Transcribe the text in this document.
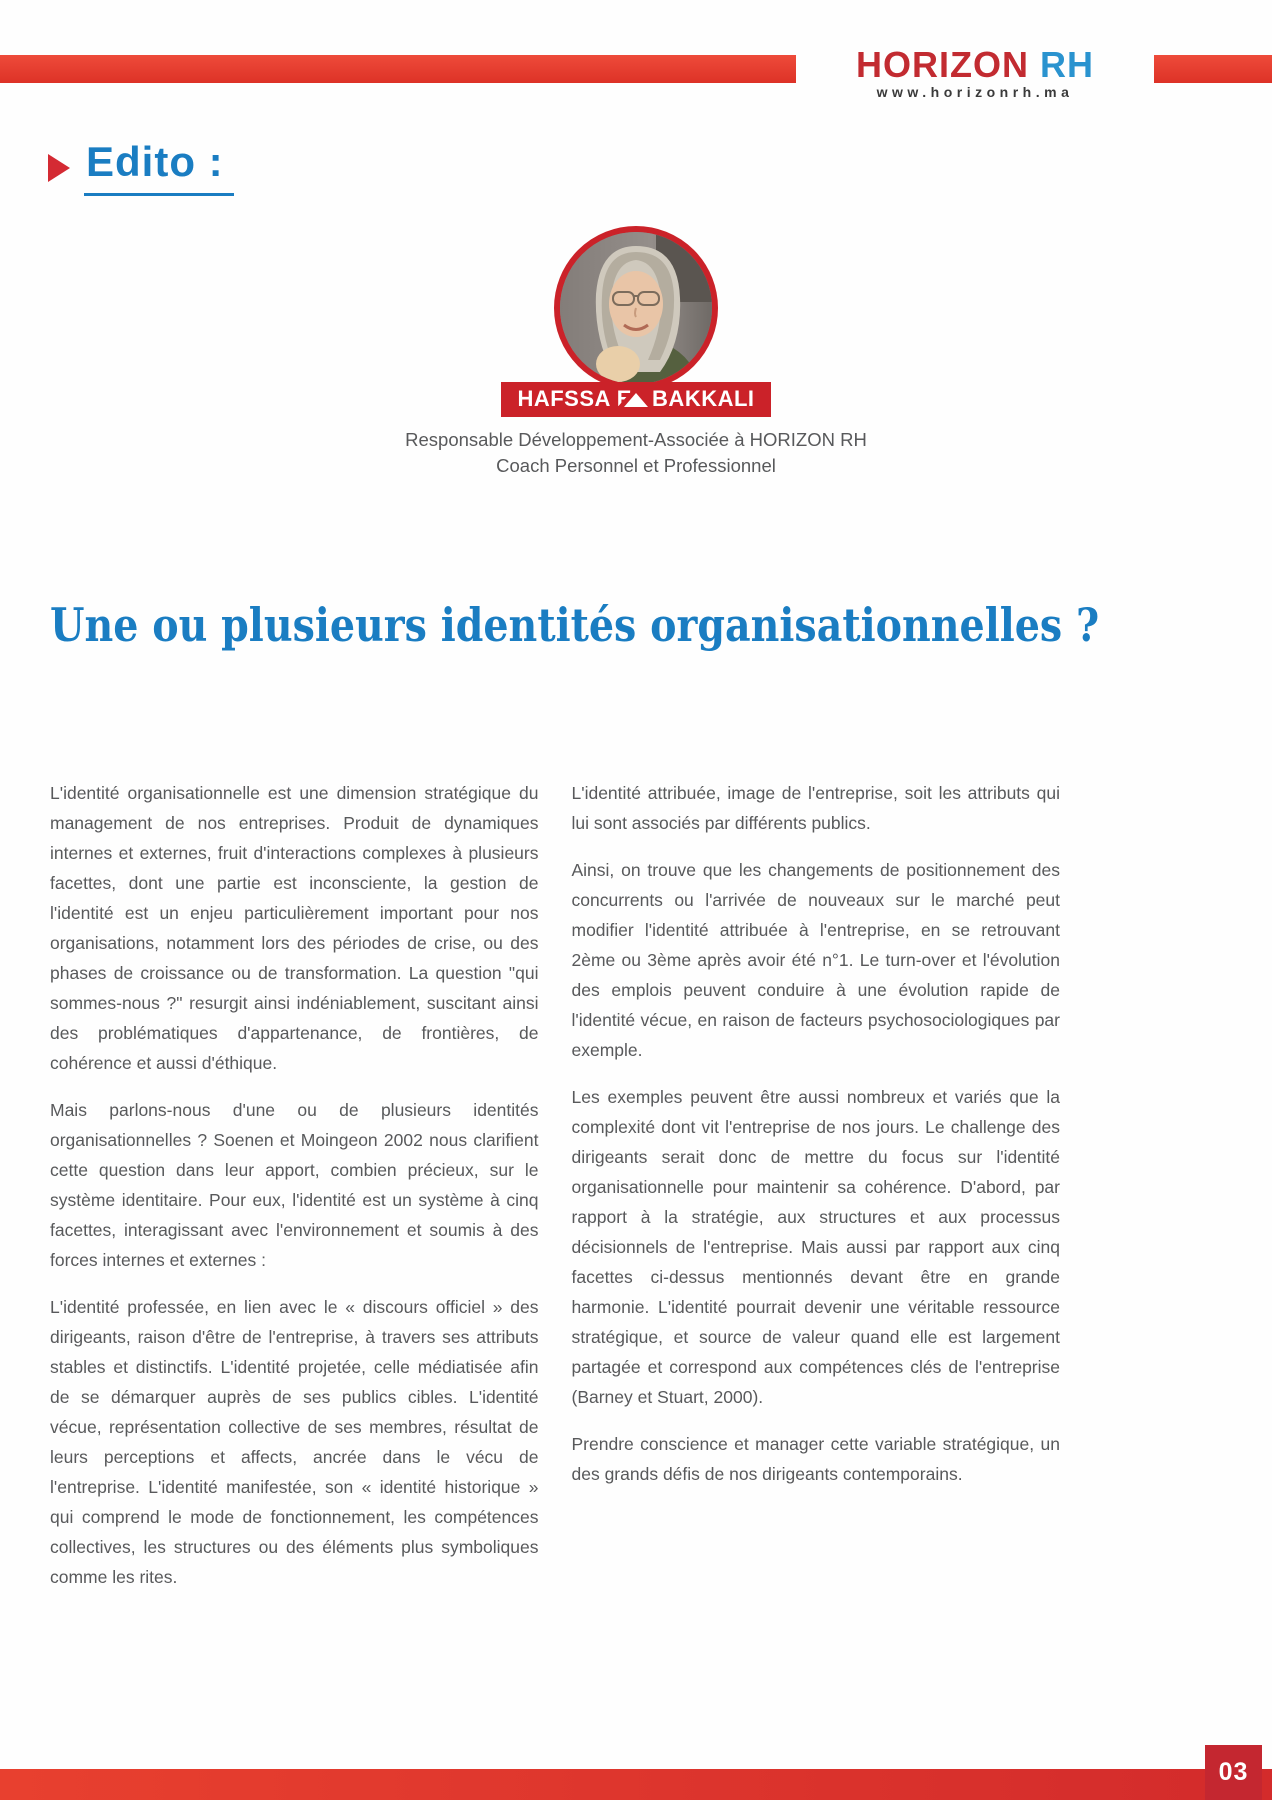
HORIZON RH
www.horizonrh.ma
Edito :
HAFSSA EL BAKKALI
Responsable Développement-Associée à HORIZON RH
Coach Personnel et Professionnel
Une ou plusieurs identités organisationnelles ?

L'identité organisationnelle est une dimension stratégique du management de nos entreprises. Produit de dynamiques internes et externes, fruit d'interactions complexes à plusieurs facettes, dont une partie est inconsciente, la gestion de l'identité est un enjeu particulièrement important pour nos organisations, notamment lors des périodes de crise, ou des phases de croissance ou de transformation. La question "qui sommes-nous ?" resurgit ainsi indéniablement, suscitant ainsi des problématiques d'appartenance, de frontières, de cohérence et aussi d'éthique.

Mais parlons-nous d'une ou de plusieurs identités organisationnelles ? Soenen et Moingeon 2002 nous clarifient cette question dans leur apport, combien précieux, sur le système identitaire. Pour eux, l'identité est un système à cinq facettes, interagissant avec l'environnement et soumis à des forces internes et externes :

L'identité professée, en lien avec le « discours officiel » des dirigeants, raison d'être de l'entreprise, à travers ses attributs stables et distinctifs. L'identité projetée, celle médiatisée afin de se démarquer auprès de ses publics cibles. L'identité vécue, représentation collective de ses membres, résultat de leurs perceptions et affects, ancrée dans le vécu de l'entreprise. L'identité manifestée, son « identité historique » qui comprend le mode de fonctionnement, les compétences collectives, les structures ou des éléments plus symboliques comme les rites.

L'identité attribuée, image de l'entreprise, soit les attributs qui lui sont associés par différents publics.

Ainsi, on trouve que les changements de positionnement des concurrents ou l'arrivée de nouveaux sur le marché peut modifier l'identité attribuée à l'entreprise, en se retrouvant 2ème ou 3ème après avoir été n°1. Le turn-over et l'évolution des emplois peuvent conduire à une évolution rapide de l'identité vécue, en raison de facteurs psychosociologiques par exemple.

Les exemples peuvent être aussi nombreux et variés que la complexité dont vit l'entreprise de nos jours. Le challenge des dirigeants serait donc de mettre du focus sur l'identité organisationnelle pour maintenir sa cohérence. D'abord, par rapport à la stratégie, aux structures et aux processus décisionnels de l'entreprise. Mais aussi par rapport aux cinq facettes ci-dessus mentionnés devant être en grande harmonie. L'identité pourrait devenir une véritable ressource stratégique, et source de valeur quand elle est largement partagée et correspond aux compétences clés de l'entreprise (Barney et Stuart, 2000).

Prendre conscience et manager cette variable stratégique, un des grands défis de nos dirigeants contemporains.

03
